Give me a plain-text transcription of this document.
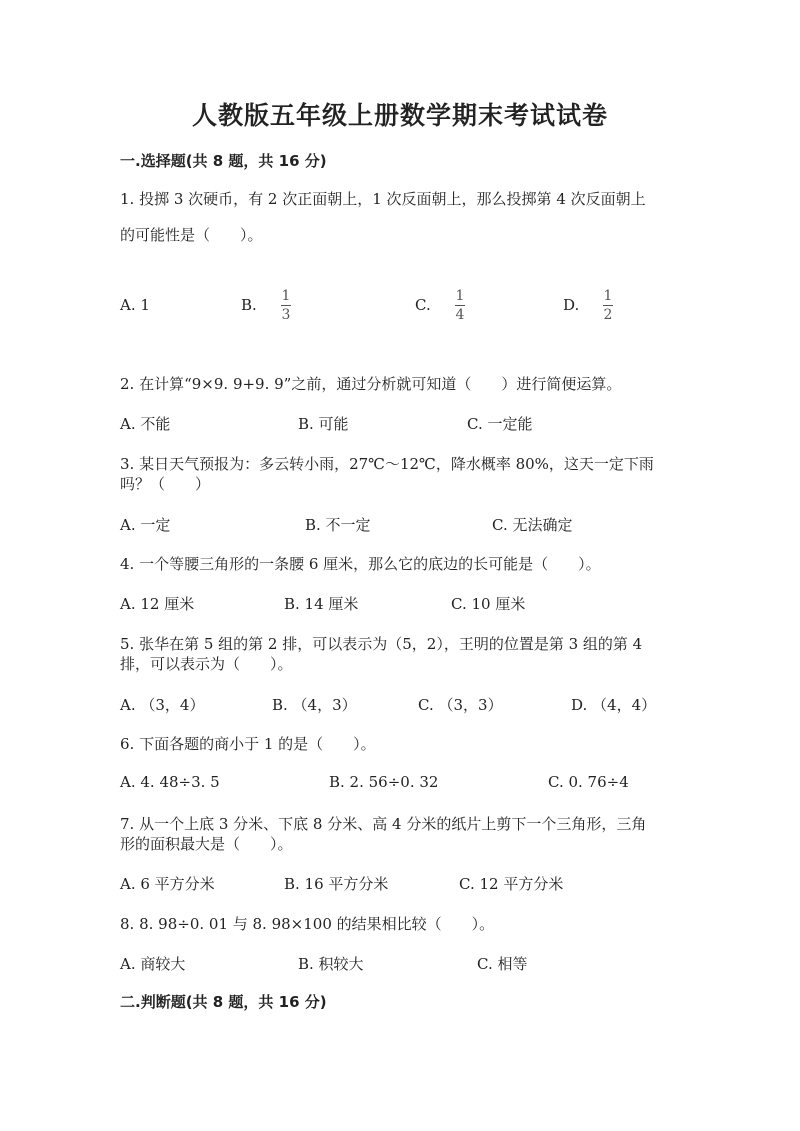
人教版五年级上册数学期末考试试卷
一.选择题(共 8 题，共 16 分)
1. 投掷 3 次硬币，有 2 次正面朝上，1 次反面朝上，那么投掷第 4 次反面朝上
的可能性是（　　）。
A. 1	B. 1
3
C. 1
4
D. 1
2
2. 在计算“9×9. 9+9. 9”之前，通过分析就可知道（　　）进行简便运算。
A. 不能	B. 可能	C. 一定能
3. 某日天气预报为：多云转小雨，27℃～12℃，降水概率 80%，这天一定下雨
吗？（　　）
A. 一定	B. 不一定	C. 无法确定
4. 一个等腰三角形的一条腰 6 厘米，那么它的底边的长可能是（　　）。
A. 12 厘米	B. 14 厘米	C. 10 厘米
5. 张华在第 5 组的第 2 排，可以表示为（5，2），王明的位置是第 3 组的第 4
排，可以表示为（　　）。
A. （3，4）	B. （4，3）	C. （3，3）	D. （4，4）
6. 下面各题的商小于 1 的是（　　）。
A. 4. 48÷3. 5	B. 2. 56÷0. 32	C. 0. 76÷4
7. 从一个上底 3 分米、下底 8 分米、高 4 分米的纸片上剪下一个三角形，三角
形的面积最大是（　　）。
A. 6 平方分米	B. 16 平方分米	C. 12 平方分米
8. 8. 98÷0. 01 与 8. 98×100 的结果相比较（　　）。
A. 商较大	B. 积较大	C. 相等
二.判断题(共 8 题，共 16 分)
